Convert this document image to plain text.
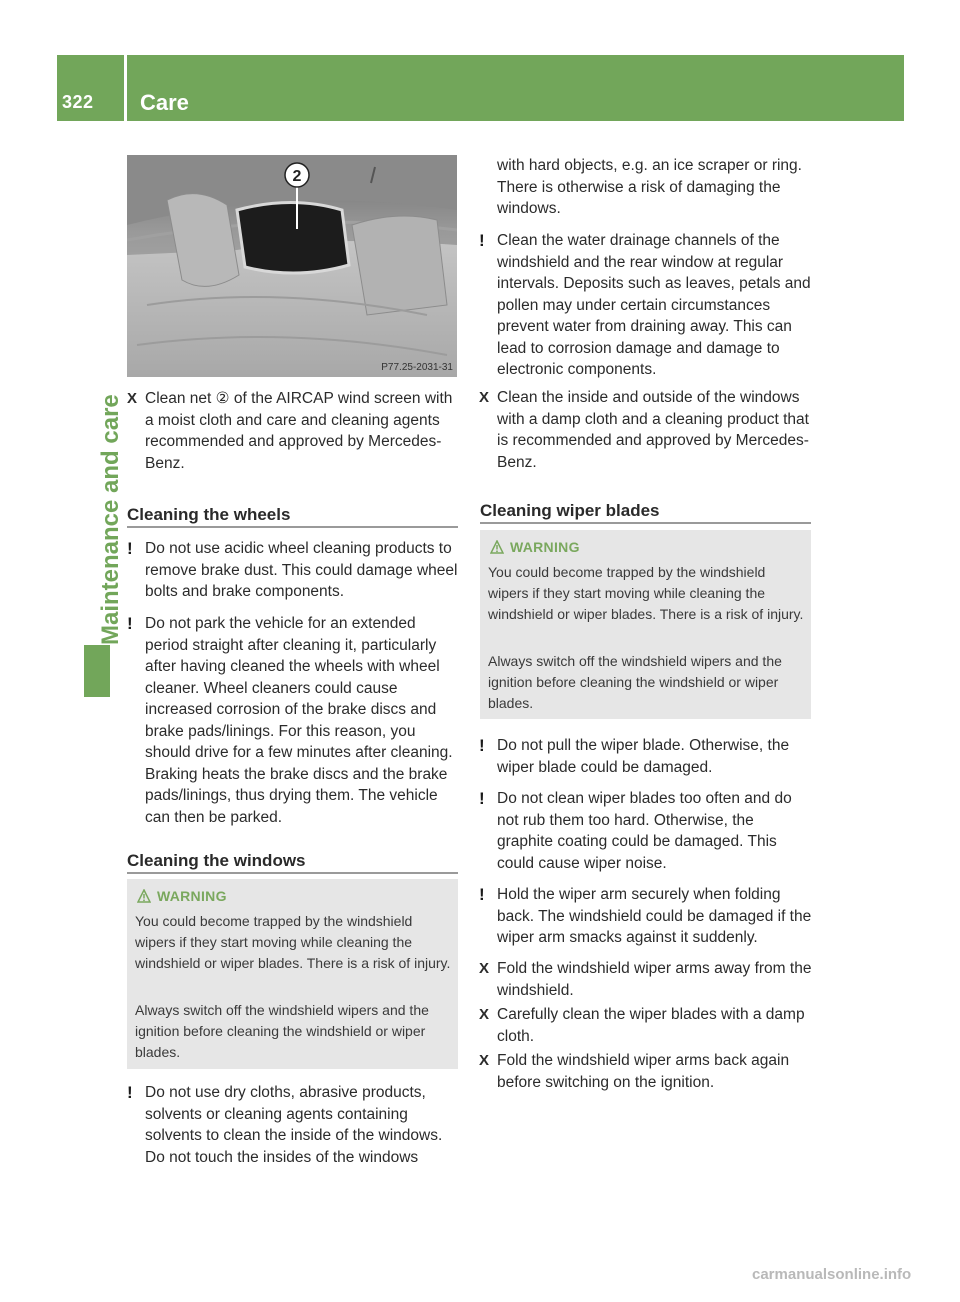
322 Care
Maintenance and care
2
P77.25-2031-31
X Clean net ② of the AIRCAP wind screen with a moist cloth and care and cleaning agents recommended and approved by Mercedes-Benz.
Cleaning the wheels
! Do not use acidic wheel cleaning products to remove brake dust. This could damage wheel bolts and brake components.
! Do not park the vehicle for an extended period straight after cleaning it, particularly after having cleaned the wheels with wheel cleaner. Wheel cleaners could cause increased corrosion of the brake discs and brake pads/linings. For this reason, you should drive for a few minutes after cleaning. Braking heats the brake discs and the brake pads/linings, thus drying them. The vehicle can then be parked.
Cleaning the windows
WARNING
You could become trapped by the windshield wipers if they start moving while cleaning the windshield or wiper blades. There is a risk of injury.
Always switch off the windshield wipers and the ignition before cleaning the windshield or wiper blades.
! Do not use dry cloths, abrasive products, solvents or cleaning agents containing solvents to clean the inside of the windows. Do not touch the insides of the windows
with hard objects, e.g. an ice scraper or ring. There is otherwise a risk of damaging the windows.
! Clean the water drainage channels of the windshield and the rear window at regular intervals. Deposits such as leaves, petals and pollen may under certain circumstances prevent water from draining away. This can lead to corrosion damage and damage to electronic components.
X Clean the inside and outside of the windows with a damp cloth and a cleaning product that is recommended and approved by Mercedes-Benz.
Cleaning wiper blades
WARNING
You could become trapped by the windshield wipers if they start moving while cleaning the windshield or wiper blades. There is a risk of injury.
Always switch off the windshield wipers and the ignition before cleaning the windshield or wiper blades.
! Do not pull the wiper blade. Otherwise, the wiper blade could be damaged.
! Do not clean wiper blades too often and do not rub them too hard. Otherwise, the graphite coating could be damaged. This could cause wiper noise.
! Hold the wiper arm securely when folding back. The windshield could be damaged if the wiper arm smacks against it suddenly.
X Fold the windshield wiper arms away from the windshield.
X Carefully clean the wiper blades with a damp cloth.
X Fold the windshield wiper arms back again before switching on the ignition.
carmanualsonline.info
